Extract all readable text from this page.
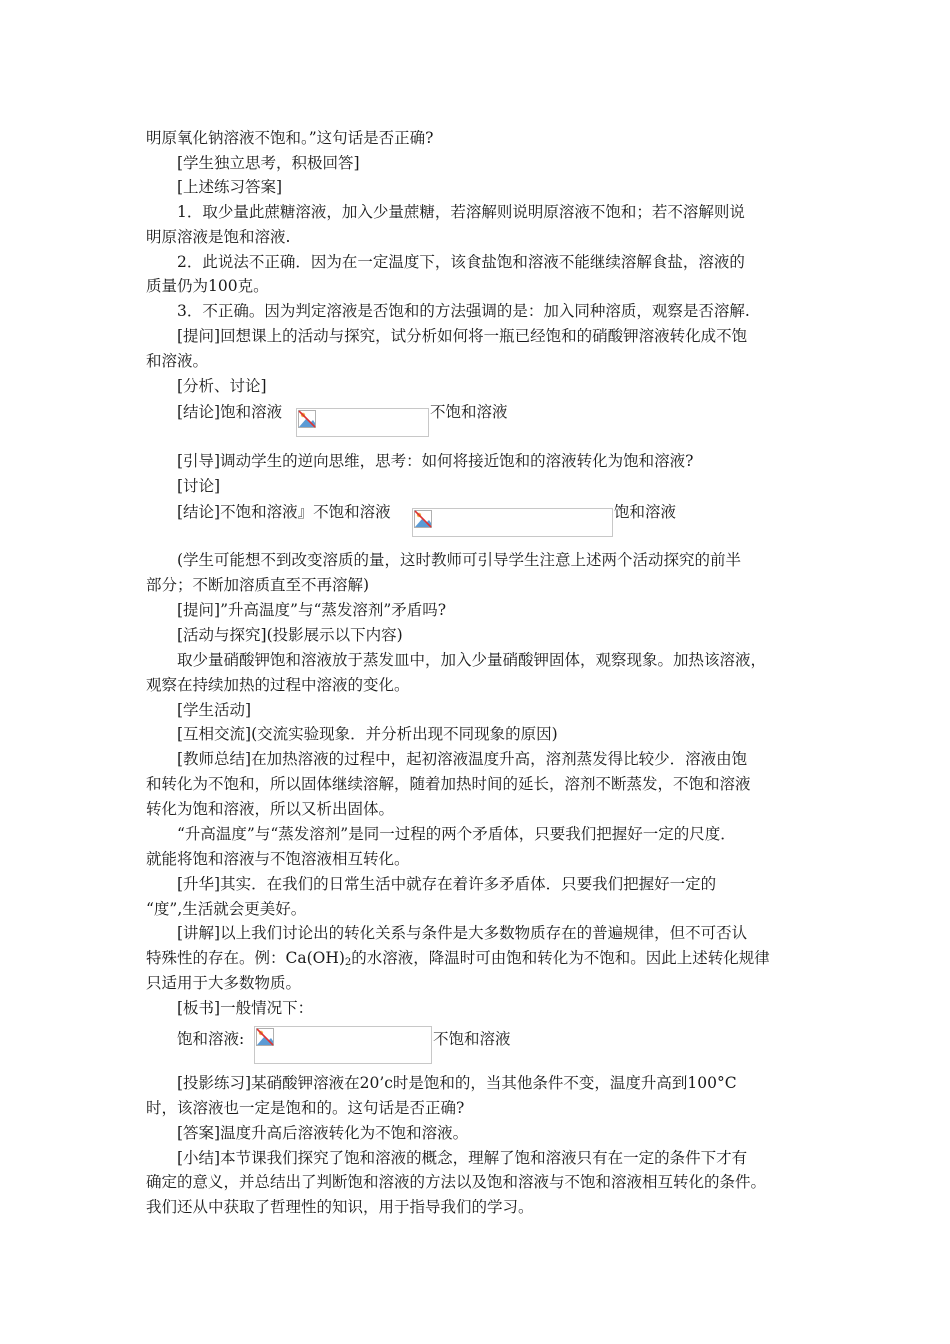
明原氧化钠溶液不饱和。”这句话是否正确?
[学生独立思考，积极回答]
[上述练习答案]
1．取少量此蔗糖溶液，加入少量蔗糖，若溶解则说明原溶液不饱和；若不溶解则说
明原溶液是饱和溶液.
2．此说法不正确．因为在一定温度下，该食盐饱和溶液不能继续溶解食盐，溶液的
质量仍为100克。
3．不正确。因为判定溶液是否饱和的方法强调的是：加入同种溶质，观察是否溶解.
[提问]回想课上的活动与探究，试分析如何将一瓶已经饱和的硝酸钾溶液转化成不饱
和溶液。
[分析、讨论]
[结论]饱和溶液	不饱和溶液
[引导]调动学生的逆向思维，思考：如何将接近饱和的溶液转化为饱和溶液?
[讨论]
[结论]不饱和溶液』不饱和溶液	饱和溶液
(学生可能想不到改变溶质的量，这时教师可引导学生注意上述两个活动探究的前半
部分；不断加溶质直至不再溶解)
[提问]”升高温度”与“蒸发溶剂”矛盾吗?
[活动与探究](投影展示以下内容)
取少量硝酸钾饱和溶液放于蒸发皿中，加入少量硝酸钾固体，观察现象。加热该溶液，
观察在持续加热的过程中溶液的变化。
[学生活动]
[互相交流](交流实验现象．并分析出现不同现象的原因)
[教师总结]在加热溶液的过程中，起初溶液温度升高，溶剂蒸发得比较少．溶液由饱
和转化为不饱和，所以固体继续溶解，随着加热时间的延长，溶剂不断蒸发，不饱和溶液
转化为饱和溶液，所以又析出固体。
“升高温度”与“蒸发溶剂”是同一过程的两个矛盾体，只要我们把握好一定的尺度．
就能将饱和溶液与不饱溶液相互转化。
[升华]其实．在我们的日常生活中就存在着许多矛盾体．只要我们把握好一定的
“度”,生活就会更美好。
[讲解]以上我们讨论出的转化关系与条件是大多数物质存在的普遍规律，但不可否认
特殊性的存在。例：$Ca(OH)_2$的水溶液，降温时可由饱和转化为不饱和。因此上述转化规律
只适用于大多数物质。
[板书]一般情况下：
饱和溶液:	不饱和溶液
[投影练习]某硝酸钾溶液在20’c时是饱和的，当其他条件不变，温度升高到100°C
时，该溶液也一定是饱和的。这句话是否正确?
[答案]温度升高后溶液转化为不饱和溶液。
[小结]本节课我们探究了饱和溶液的概念，理解了饱和溶液只有在一定的条件下才有
确定的意义，并总结出了判断饱和溶液的方法以及饱和溶液与不饱和溶液相互转化的条件。
我们还从中获取了哲理性的知识，用于指导我们的学习。
